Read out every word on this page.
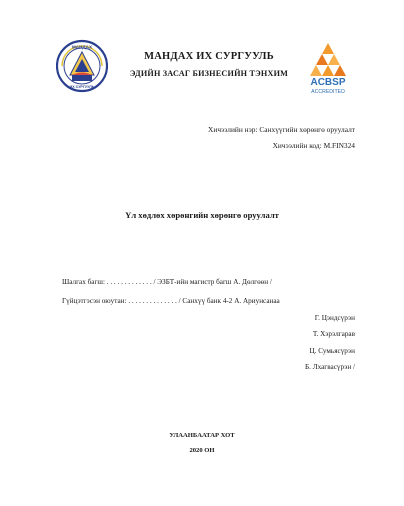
МАНДАХ
ИХ СУРГУУЛЬ
МАНДАХ ИХ СУРГУУЛЬ
ЭДИЙН ЗАСАГ БИЗНЕСИЙН ТЭНХИМ
ACBSP
ACCREDITED
Хичээлийн нэр: Санхүүгийн хөрөнгө оруулалт
Хичээлийн код: M.FIN324
Үл хөдлөх хөрөнгийн хөрөнгө оруулалт
Шалгах багш: . . . . . . . . . . . . . / ЭЗБТ-ийн магистр багш А. Дөлгөөн /
Гүйцэтгэсэн оюутан: . . . . . . . . . . . . . . / Санхүү банк 4-2 А. Ариунсанаа
Г. Цэндсүрэн
Т. Хэрэлгарав
Ц. Сумьясүрэн
Б. Лхагвасүрэн /
УЛААНБААТАР ХОТ
2020 ОН
